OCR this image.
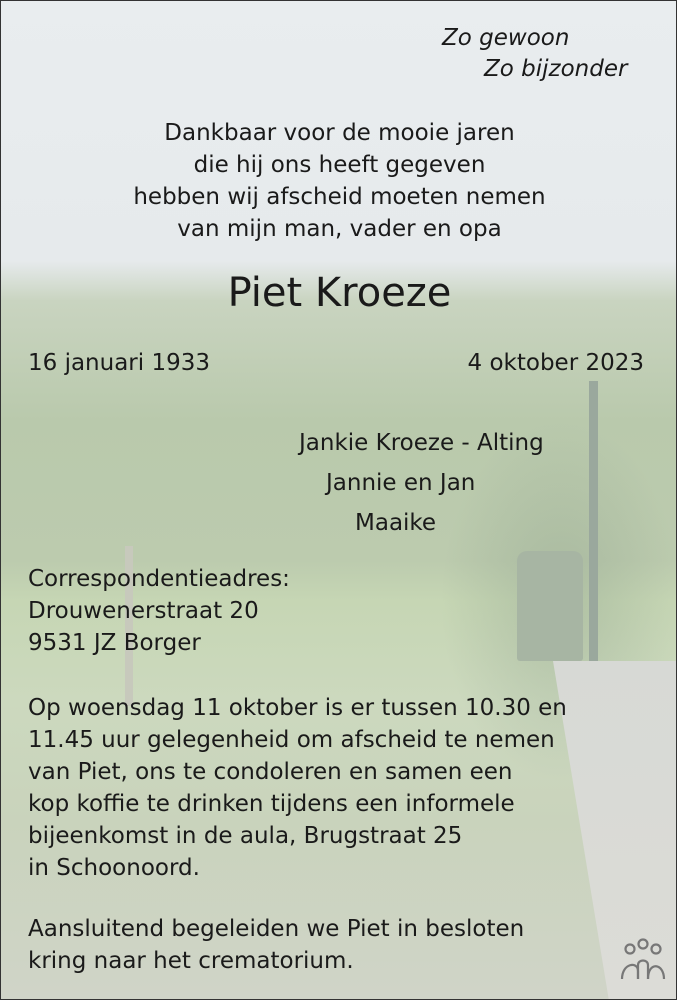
Zo gewoon
Zo bijzonder
Dankbaar voor de mooie jaren
die hij ons heeft gegeven
hebben wij afscheid moeten nemen
van mijn man, vader en opa
Piet Kroeze
16 januari 1933	4 oktober 2023
Jankie Kroeze - Alting
Jannie en Jan
Maaike
Correspondentieadres:
Drouwenerstraat 20
9531 JZ Borger
Op woensdag 11 oktober is er tussen 10.30 en
11.45 uur gelegenheid om afscheid te nemen
van Piet, ons te condoleren en samen een
kop koffie te drinken tijdens een informele
bijeenkomst in de aula, Brugstraat 25
in Schoonoord.
Aansluitend begeleiden we Piet in besloten
kring naar het crematorium.
